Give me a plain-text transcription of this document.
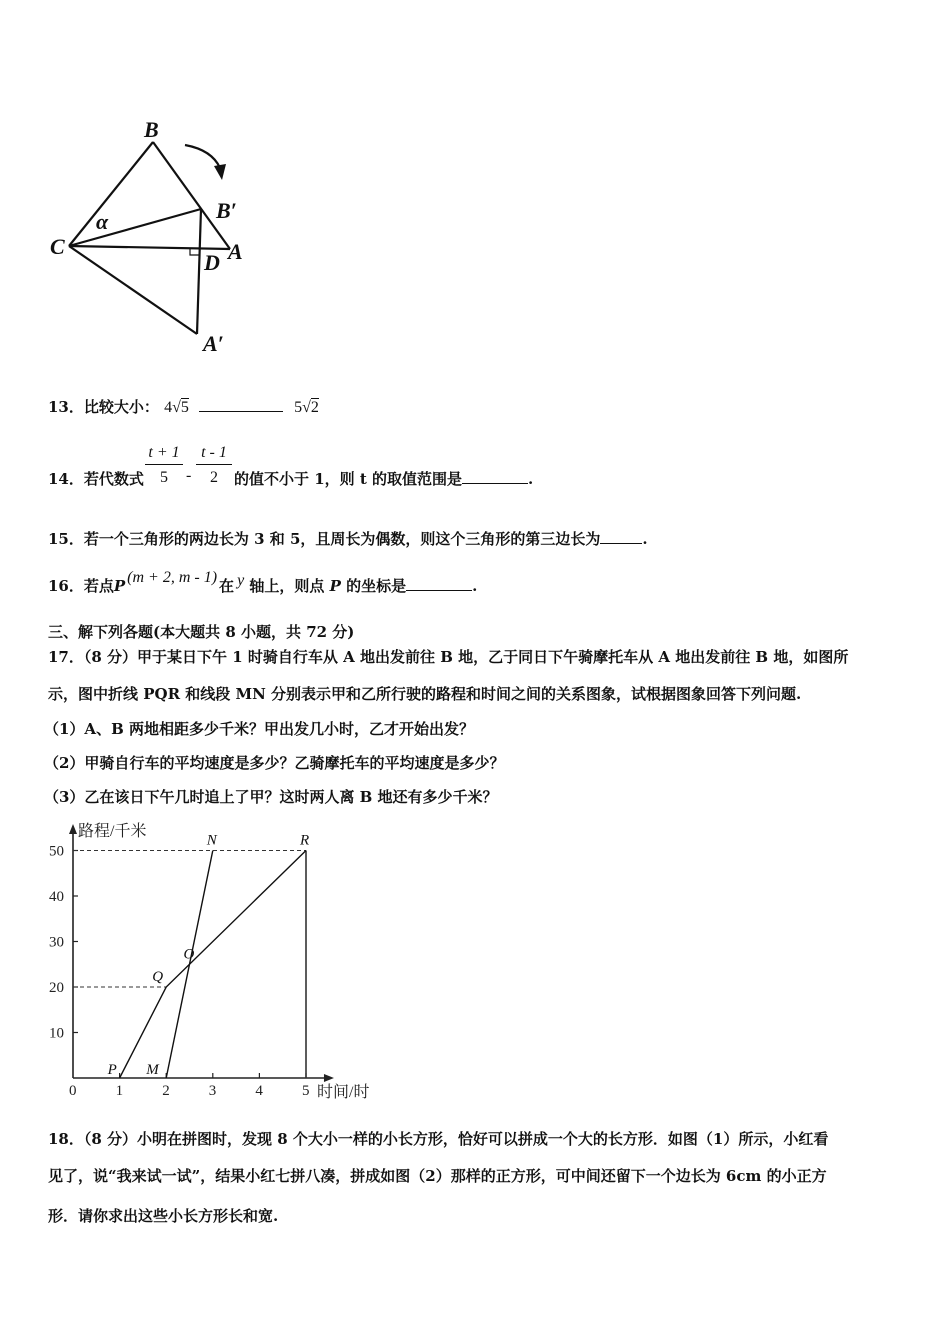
B
B′
α
C
D A
A′
13．比较大小： 4√5	5√2
14．若代数式 $\frac{t + 1}{5} - \frac{t - 1}{2}$ 的值不小于 1，则 t 的取值范围是	.
15．若一个三角形的两边长为 3 和 5，且周长为偶数，则这个三角形的第三边长为	.
16．若点P (m + 2, m - 1) 在 y 轴上，则点 P 的坐标是	.
三、解下列各题(本大题共 8 小题，共 72 分)
17．（8 分）甲于某日下午 1 时骑自行车从 A 地出发前往 B 地，乙于同日下午骑摩托车从 A 地出发前往 B 地，如图所
示，图中折线 PQR 和线段 MN 分别表示甲和乙所行驶的路程和时间之间的关系图象，试根据图象回答下列问题.
（1）A、B 两地相距多少千米？甲出发几小时，乙才开始出发？
（2）甲骑自行车的平均速度是多少？乙骑摩托车的平均速度是多少？
（3）乙在该日下午几时追上了甲？这时两人离 B 地还有多少千米？
路程/千米
时间/时
0	1	2	3	4	5
10
20
30
40
50
P
Q
R
M
N
O
18．（8 分）小明在拼图时，发现 8 个大小一样的小长方形，恰好可以拼成一个大的长方形．如图（1）所示，小红看
见了，说“我来试一试”，结果小红七拼八凑，拼成如图（2）那样的正方形，可中间还留下一个边长为 6cm 的小正方
形．请你求出这些小长方形长和宽.
